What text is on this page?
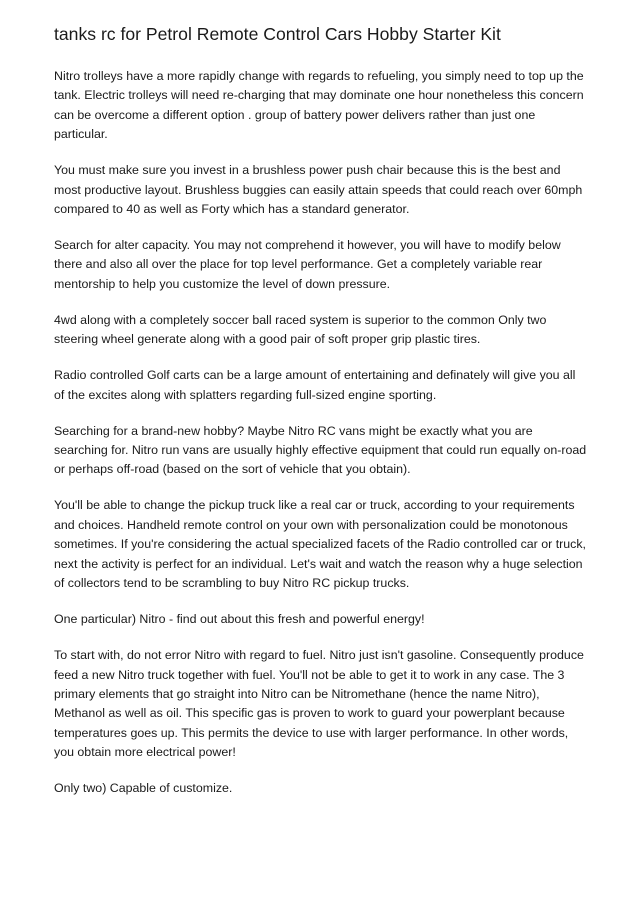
tanks rc for Petrol Remote Control Cars Hobby Starter Kit

Nitro trolleys have a more rapidly change with regards to refueling, you simply need to top up the tank. Electric trolleys will need re-charging that may dominate one hour nonetheless this concern can be overcome a different option . group of battery power delivers rather than just one particular.

You must make sure you invest in a brushless power push chair because this is the best and most productive layout. Brushless buggies can easily attain speeds that could reach over 60mph compared to 40 as well as Forty which has a standard generator.

Search for alter capacity. You may not comprehend it however, you will have to modify below there and also all over the place for top level performance. Get a completely variable rear mentorship to help you customize the level of down pressure.

4wd along with a completely soccer ball raced system is superior to the common Only two steering wheel generate along with a good pair of soft proper grip plastic tires.

Radio controlled Golf carts can be a large amount of entertaining and definately will give you all of the excites along with splatters regarding full-sized engine sporting.

Searching for a brand-new hobby? Maybe Nitro RC vans might be exactly what you are searching for. Nitro run vans are usually highly effective equipment that could run equally on-road or perhaps off-road (based on the sort of vehicle that you obtain).

You'll be able to change the pickup truck like a real car or truck, according to your requirements and choices. Handheld remote control on your own with personalization could be monotonous sometimes. If you're considering the actual specialized facets of the Radio controlled car or truck, next the activity is perfect for an individual. Let's wait and watch the reason why a huge selection of collectors tend to be scrambling to buy Nitro RC pickup trucks.

One particular) Nitro - find out about this fresh and powerful energy!

To start with, do not error Nitro with regard to fuel. Nitro just isn't gasoline. Consequently produce feed a new Nitro truck together with fuel. You'll not be able to get it to work in any case. The 3 primary elements that go straight into Nitro can be Nitromethane (hence the name Nitro), Methanol as well as oil. This specific gas is proven to work to guard your powerplant because temperatures goes up. This permits the device to use with larger performance. In other words, you obtain more electrical power!

Only two) Capable of customize.
